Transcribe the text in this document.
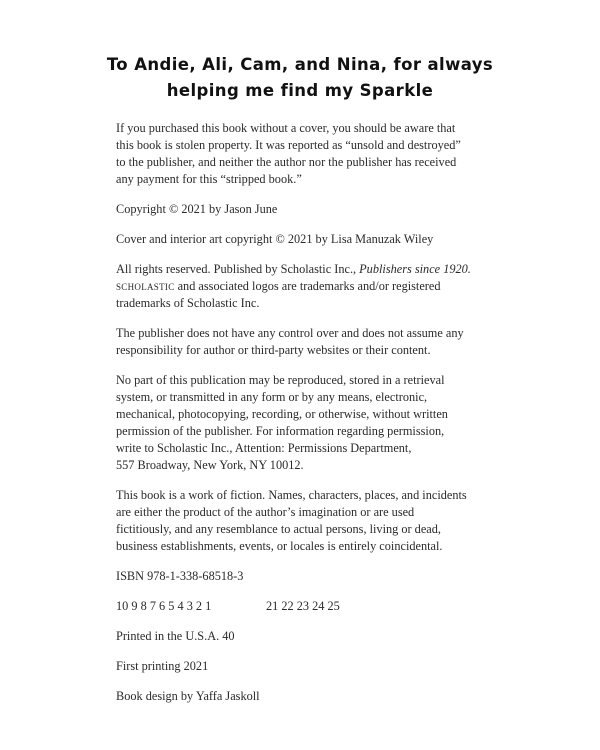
To Andie, Ali, Cam, and Nina, for always
helping me find my Sparkle

If you purchased this book without a cover, you should be aware that
this book is stolen property. It was reported as “unsold and destroyed”
to the publisher, and neither the author nor the publisher has received
any payment for this “stripped book.”

Copyright © 2021 by Jason June

Cover and interior art copyright © 2021 by Lisa Manuzak Wiley

All rights reserved. Published by Scholastic Inc., Publishers since 1920.
scholastic and associated logos are trademarks and/or registered
trademarks of Scholastic Inc.

The publisher does not have any control over and does not assume any
responsibility for author or third-party websites or their content.

No part of this publication may be reproduced, stored in a retrieval
system, or transmitted in any form or by any means, electronic,
mechanical, photocopying, recording, or otherwise, without written
permission of the publisher. For information regarding permission,
write to Scholastic Inc., Attention: Permissions Department,
557 Broadway, New York, NY 10012.

This book is a work of fiction. Names, characters, places, and incidents
are either the product of the author’s imagination or are used
fictitiously, and any resemblance to actual persons, living or dead,
business establishments, events, or locales is entirely coincidental.

ISBN 978-1-338-68518-3

10 9 8 7 6 5 4 3 2 1	21 22 23 24 25

Printed in the U.S.A. 40

First printing 2021

Book design by Yaffa Jaskoll
